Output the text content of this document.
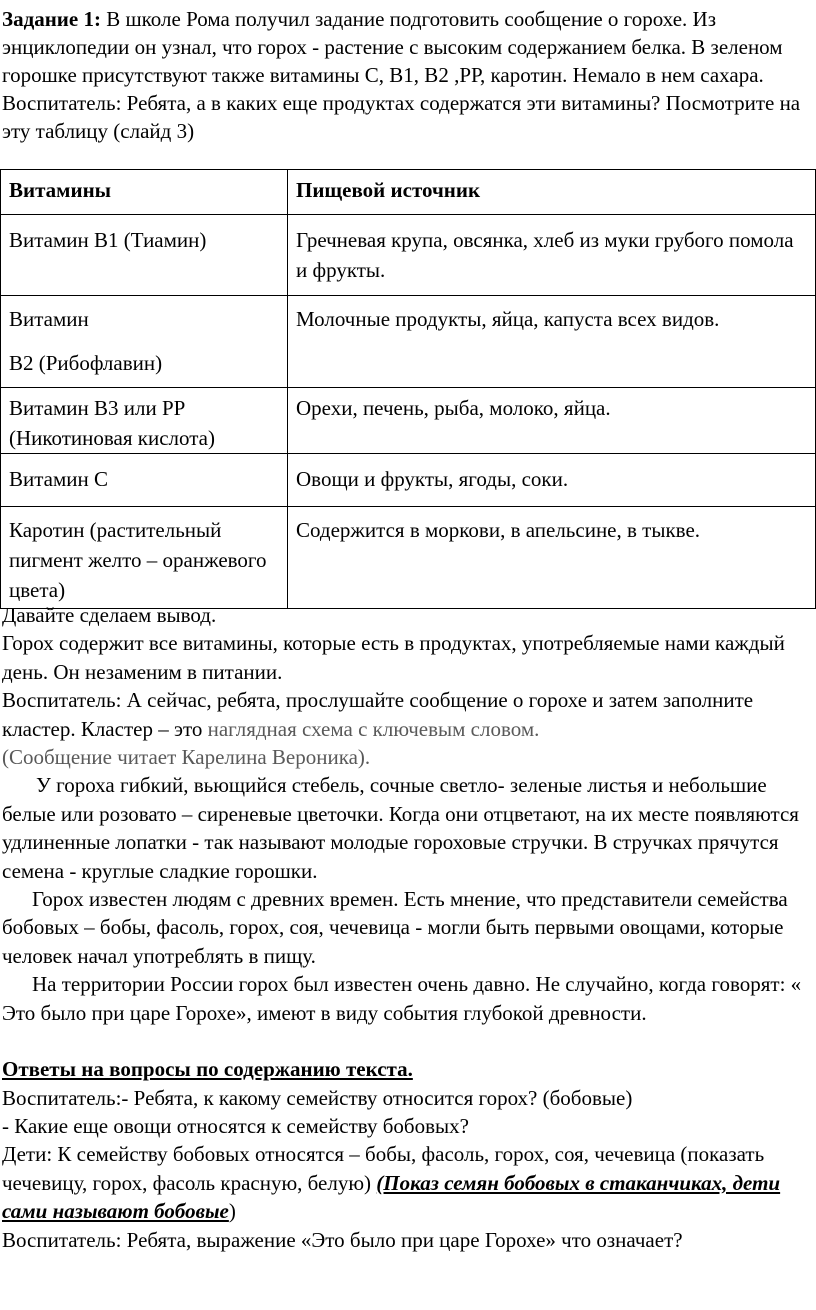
Задание 1: В школе Рома получил задание подготовить сообщение о горохе. Из энциклопедии он узнал, что горох - растение с высоким содержанием белка. В зеленом горошке присутствуют также витамины С, В1, В2 ,РР, каротин. Немало в нем сахара.

Воспитатель: Ребята, а в каких еще продуктах содержатся эти витамины? Посмотрите на эту таблицу (слайд 3)

Витамины	Пищевой источник
Витамин В1 (Тиамин)	Гречневая крупа, овсянка, хлеб из муки грубого помола и фрукты.
Витамин
В2 (Рибофлавин)	Молочные продукты, яйца, капуста всех видов.
Витамин В3 или РР (Никотиновая кислота)	Орехи, печень, рыба, молоко, яйца.
Витамин С	Овощи и фрукты, ягоды, соки.
Каротин (растительный пигмент желто – оранжевого цвета)	Содержится в моркови, в апельсине, в тыкве.

Давайте сделаем вывод.

Горох содержит все витамины, которые есть в продуктах, употребляемые нами каждый день. Он незаменим в питании.

Воспитатель: А сейчас, ребята, прослушайте сообщение о горохе и затем заполните кластер. Кластер – это наглядная схема с ключевым словом.
(Сообщение читает Карелина Вероника).

У гороха гибкий, вьющийся стебель, сочные светло- зеленые листья и небольшие белые или розовато – сиреневые цветочки. Когда они отцветают, на их месте появляются удлиненные лопатки - так называют молодые гороховые стручки. В стручках прячутся семена - круглые сладкие горошки.

Горох известен людям с древних времен. Есть мнение, что представители семейства бобовых – бобы, фасоль, горох, соя, чечевица - могли быть первыми овощами, которые человек начал употреблять в пищу.

На территории России горох был известен очень давно. Не случайно, когда говорят: « Это было при царе Горохе», имеют в виду события глубокой древности.

Ответы на вопросы по содержанию текста.

Воспитатель:- Ребята, к какому семейству относится горох? (бобовые)

- Какие еще овощи относятся к семейству бобовых?

Дети: К семейству бобовых относятся – бобы, фасоль, горох, соя, чечевица (показать чечевицу, горох, фасоль красную, белую) (Показ семян бобовых в стаканчиках, дети сами называют бобовые)

Воспитатель: Ребята, выражение «Это было при царе Горохе» что означает?
